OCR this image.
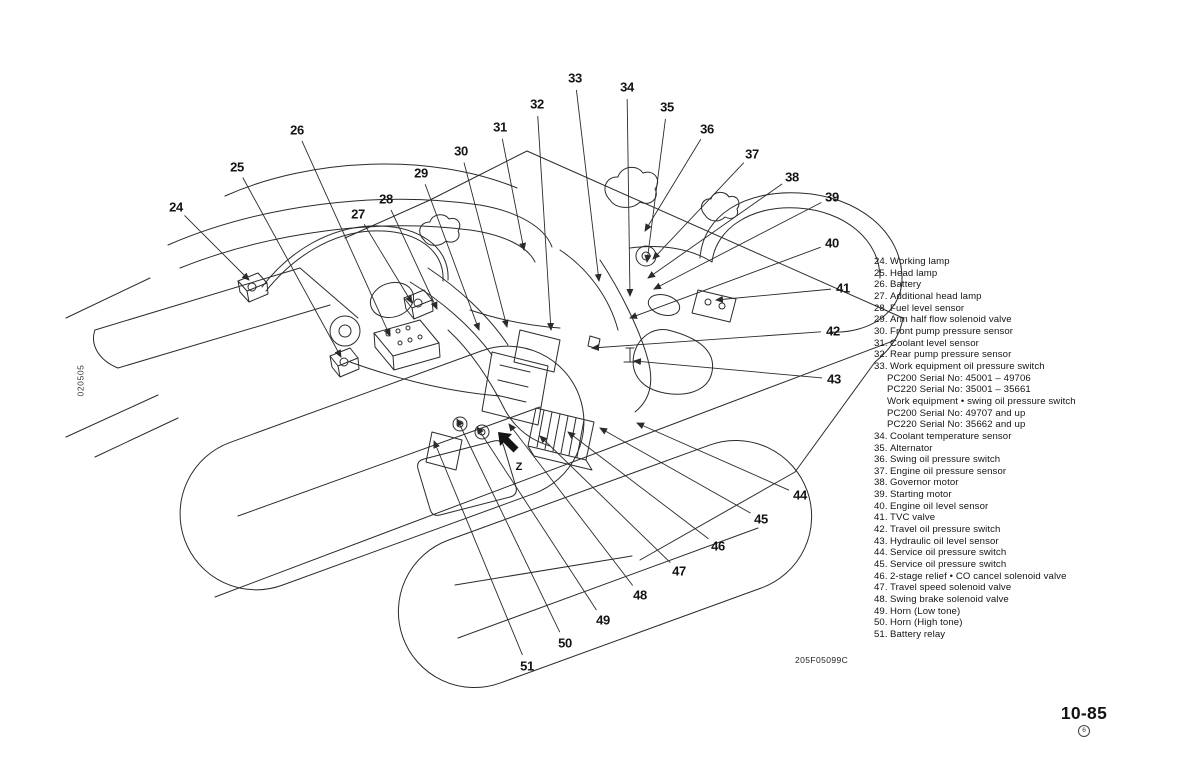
020505
24
25
26
27
28
29
30
31
32
33
34
35
36
37
38
39
40
41
42
43
44
45
46
47
48
49
50
51
Z
24. Working lamp
25. Head lamp
26. Battery
27. Additional head lamp
28. Fuel level sensor
29. Arm half flow solenoid valve
30. Front pump pressure sensor
31. Coolant level sensor
32. Rear pump pressure sensor
33. Work equipment oil pressure switch
PC200 Serial No: 45001 – 49706
PC220 Serial No: 35001 – 35661
Work equipment • swing oil pressure switch
PC200 Serial No: 49707 and up
PC220 Serial No: 35662 and up
34. Coolant temperature sensor
35. Alternator
36. Swing oil pressure switch
37. Engine oil pressure sensor
38. Governor motor
39. Starting motor
40. Engine oil level sensor
41. TVC valve
42. Travel oil pressure switch
43. Hydraulic oil level sensor
44. Service oil pressure switch
45. Service oil pressure switch
46. 2-stage relief • CO cancel solenoid valve
47. Travel speed solenoid valve
48. Swing brake solenoid valve
49. Horn (Low tone)
50. Horn (High tone)
51. Battery relay
205F05099C
10-85
6
